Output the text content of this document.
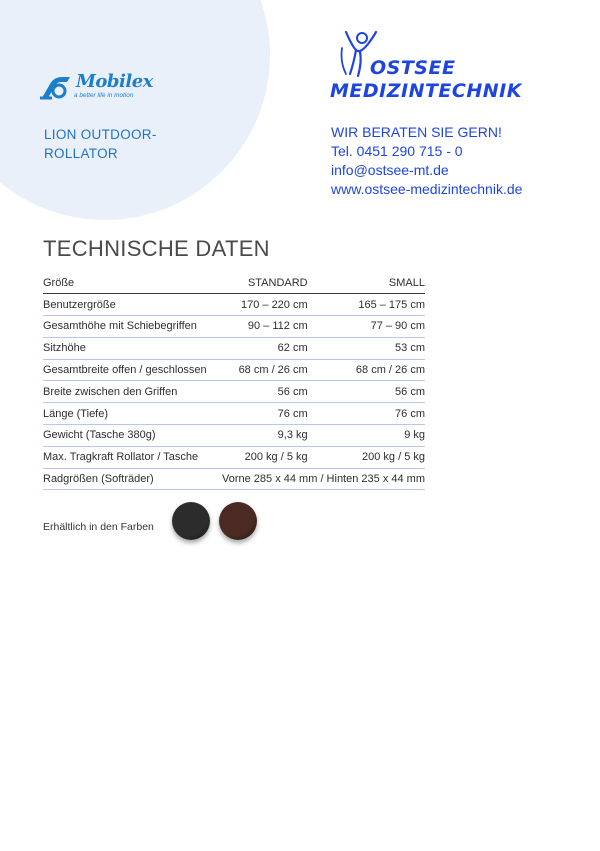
Mobilex
a better life in motion
LION OUTDOOR-
ROLLATOR
OSTSEE
MEDIZINTECHNIK
WIR BERATEN SIE GERN!
Tel. 0451 290 715 - 0
info@ostsee-mt.de
www.ostsee-medizintechnik.de
TECHNISCHE DATEN
Größe	STANDARD	SMALL
Benutzergröße	170 – 220 cm	165 – 175 cm
Gesamthöhe mit Schiebegriffen	90 – 112 cm	77 – 90 cm
Sitzhöhe	62 cm	53 cm
Gesamtbreite offen / geschlossen	68 cm / 26 cm	68 cm / 26 cm
Breite zwischen den Griffen	56 cm	56 cm
Länge (Tiefe)	76 cm	76 cm
Gewicht (Tasche 380g)	9,3 kg	9 kg
Max. Tragkraft Rollator / Tasche	200 kg / 5 kg	200 kg / 5 kg
Radgrößen (Softräder)	Vorne 285 x 44 mm / Hinten 235 x 44 mm	
Erhältlich in den Farben
